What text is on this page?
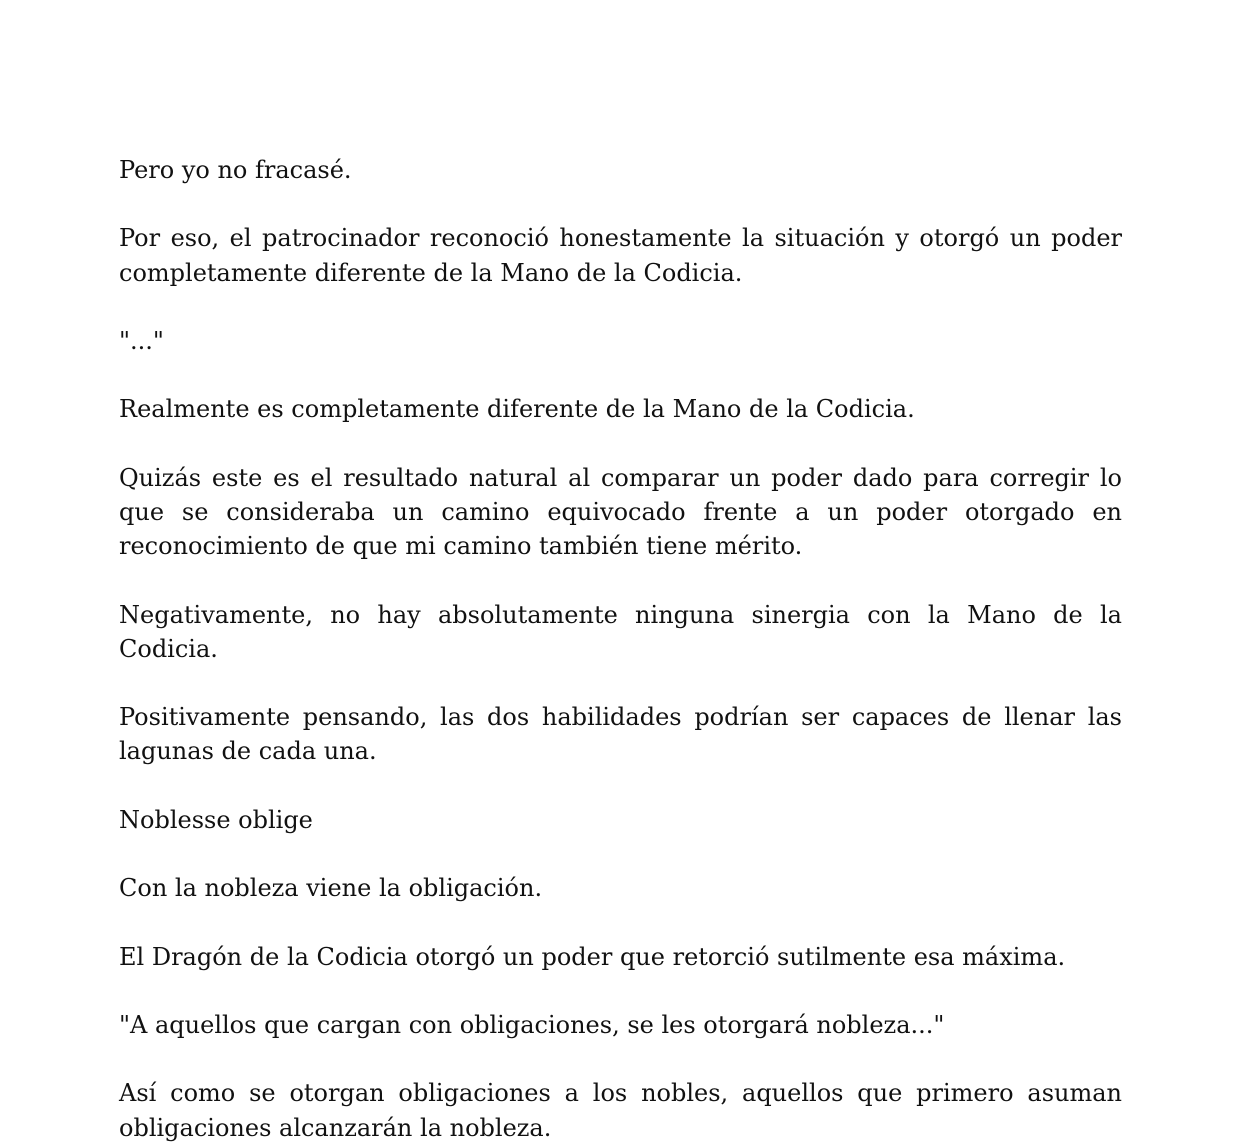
Pero yo no fracasé.

Por eso, el patrocinador reconoció honestamente la situación y otorgó un poder completamente diferente de la Mano de la Codicia.

"..."

Realmente es completamente diferente de la Mano de la Codicia.

Quizás este es el resultado natural al comparar un poder dado para corregir lo que se consideraba un camino equivocado frente a un poder otorgado en reconocimiento de que mi camino también tiene mérito.

Negativamente, no hay absolutamente ninguna sinergia con la Mano de la Codicia.

Positivamente pensando, las dos habilidades podrían ser capaces de llenar las lagunas de cada una.

Noblesse oblige

Con la nobleza viene la obligación.

El Dragón de la Codicia otorgó un poder que retorció sutilmente esa máxima.

"A aquellos que cargan con obligaciones, se les otorgará nobleza..."

Así como se otorgan obligaciones a los nobles, aquellos que primero asuman obligaciones alcanzarán la nobleza.
